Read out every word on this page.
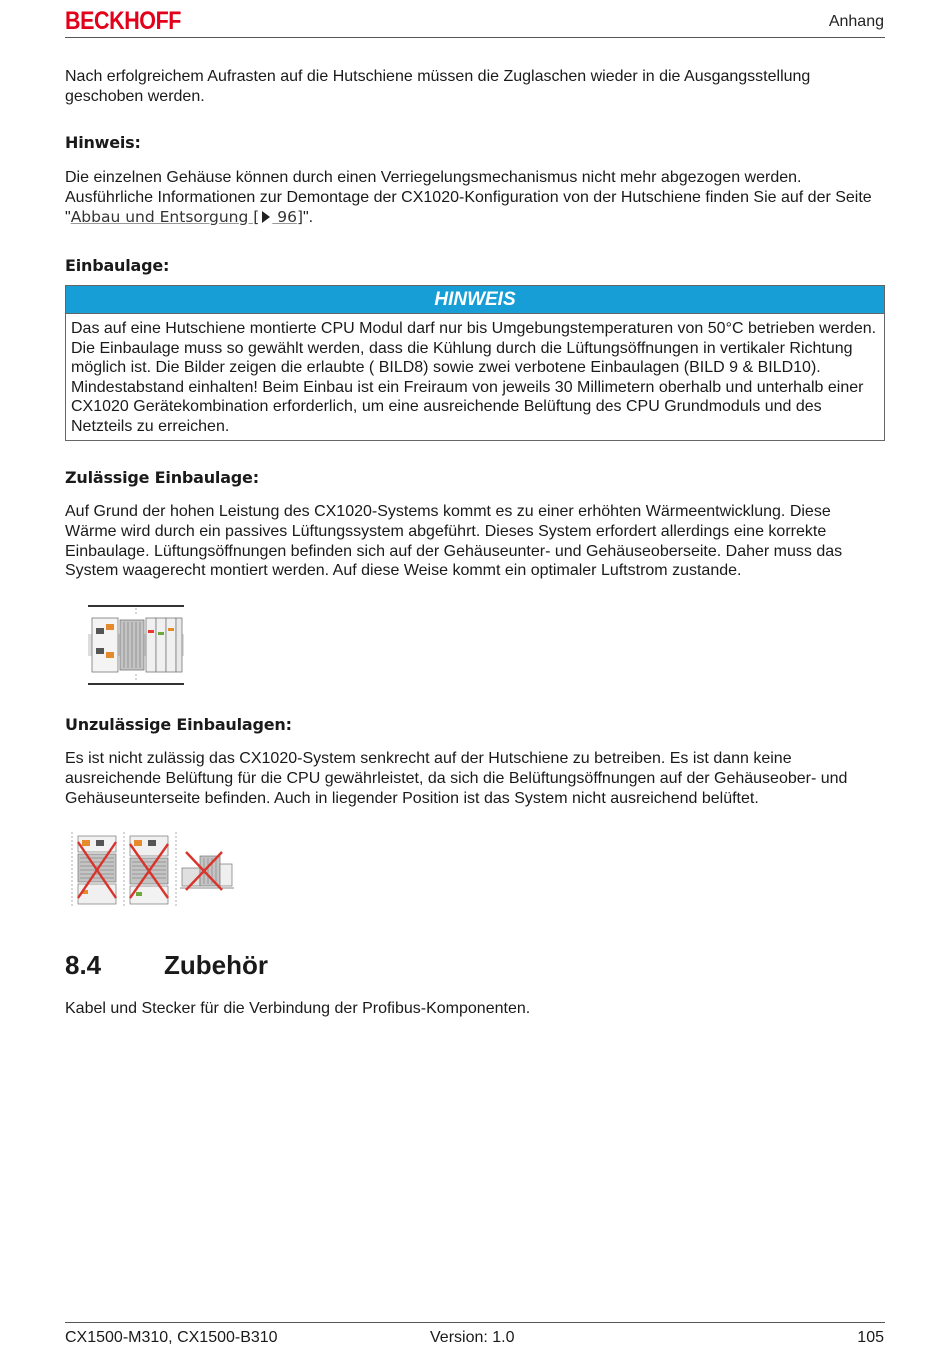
BECKHOFF	Anhang
Nach erfolgreichem Aufrasten auf die Hutschiene müssen die Zuglaschen wieder in die Ausgangsstellung geschoben werden.
Hinweis:
Die einzelnen Gehäuse können durch einen Verriegelungsmechanismus nicht mehr abgezogen werden. Ausführliche Informationen zur Demontage der CX1020-Konfiguration von der Hutschiene finden Sie auf der Seite "Abbau und Entsorgung [ 96]".
Einbaulage:
HINWEIS
Das auf eine Hutschiene montierte CPU Modul darf nur bis Umgebungstemperaturen von 50°C betrieben werden. Die Einbaulage muss so gewählt werden, dass die Kühlung durch die Lüftungsöffnungen in vertikaler Richtung möglich ist. Die Bilder zeigen die erlaubte ( BILD8) sowie zwei verbotene Einbaulagen (BILD 9 & BILD10). Mindestabstand einhalten! Beim Einbau ist ein Freiraum von jeweils 30 Millimetern oberhalb und unterhalb einer CX1020 Gerätekombination erforderlich, um eine ausreichende Belüftung des CPU Grundmoduls und des Netzteils zu erreichen.
Zulässige Einbaulage:
Auf Grund der hohen Leistung des CX1020-Systems kommt es zu einer erhöhten Wärmeentwicklung. Diese Wärme wird durch ein passives Lüftungssystem abgeführt. Dieses System erfordert allerdings eine korrekte Einbaulage. Lüftungsöffnungen befinden sich auf der Gehäuseunter- und Gehäuseoberseite. Daher muss das System waagerecht montiert werden. Auf diese Weise kommt ein optimaler Luftstrom zustande.
Unzulässige Einbaulagen:
Es ist nicht zulässig das CX1020-System senkrecht auf der Hutschiene zu betreiben. Es ist dann keine ausreichende Belüftung für die CPU gewährleistet, da sich die Belüftungsöffnungen auf der Gehäuseober- und Gehäuseunterseite befinden. Auch in liegender Position ist das System nicht ausreichend belüftet.
8.4 Zubehör
Kabel und Stecker für die Verbindung der Profibus-Komponenten.
CX1500-M310, CX1500-B310	Version: 1.0	105
